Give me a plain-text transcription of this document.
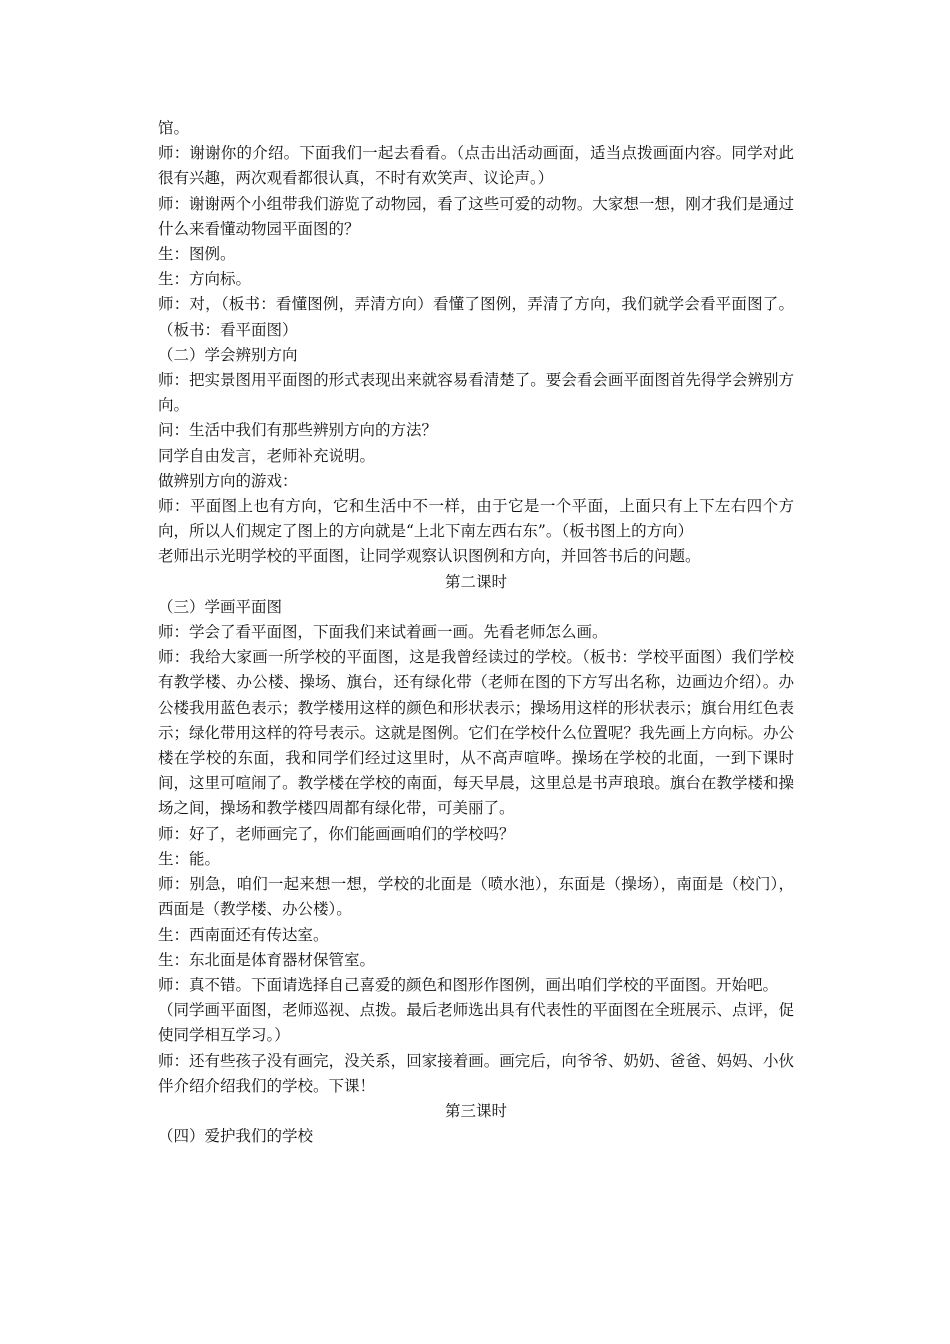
馆。

师：谢谢你的介绍。下面我们一起去看看。（点击出活动画面，适当点拨画面内容。同学对此很有兴趣，两次观看都很认真，不时有欢笑声、议论声。）

师：谢谢两个小组带我们游览了动物园，看了这些可爱的动物。大家想一想，刚才我们是通过什么来看懂动物园平面图的？

生：图例。

生：方向标。

师：对，（板书：看懂图例，弄清方向）看懂了图例，弄清了方向，我们就学会看平面图了。（板书：看平面图）

（二）学会辨别方向

师：把实景图用平面图的形式表现出来就容易看清楚了。要会看会画平面图首先得学会辨别方向。

问：生活中我们有那些辨别方向的方法？

同学自由发言，老师补充说明。

做辨别方向的游戏：

师：平面图上也有方向，它和生活中不一样，由于它是一个平面，上面只有上下左右四个方向，所以人们规定了图上的方向就是“上北下南左西右东”。（板书图上的方向）

老师出示光明学校的平面图，让同学观察认识图例和方向，并回答书后的问题。

第二课时

（三）学画平面图

师：学会了看平面图，下面我们来试着画一画。先看老师怎么画。

师：我给大家画一所学校的平面图，这是我曾经读过的学校。（板书：学校平面图）我们学校有教学楼、办公楼、操场、旗台，还有绿化带（老师在图的下方写出名称，边画边介绍）。办公楼我用蓝色表示；教学楼用这样的颜色和形状表示；操场用这样的形状表示；旗台用红色表示；绿化带用这样的符号表示。这就是图例。它们在学校什么位置呢？我先画上方向标。办公楼在学校的东面，我和同学们经过这里时，从不高声喧哗。操场在学校的北面，一到下课时间，这里可喧闹了。教学楼在学校的南面，每天早晨，这里总是书声琅琅。旗台在教学楼和操场之间，操场和教学楼四周都有绿化带，可美丽了。

师：好了，老师画完了，你们能画画咱们的学校吗？

生：能。

师：别急，咱们一起来想一想，学校的北面是（喷水池），东面是（操场），南面是（校门），西面是（教学楼、办公楼）。

生：西南面还有传达室。

生：东北面是体育器材保管室。

师：真不错。下面请选择自己喜爱的颜色和图形作图例，画出咱们学校的平面图。开始吧。

（同学画平面图，老师巡视、点拨。最后老师选出具有代表性的平面图在全班展示、点评，促使同学相互学习。）

师：还有些孩子没有画完，没关系，回家接着画。画完后，向爷爷、奶奶、爸爸、妈妈、小伙伴介绍介绍我们的学校。下课！

第三课时

（四）爱护我们的学校
